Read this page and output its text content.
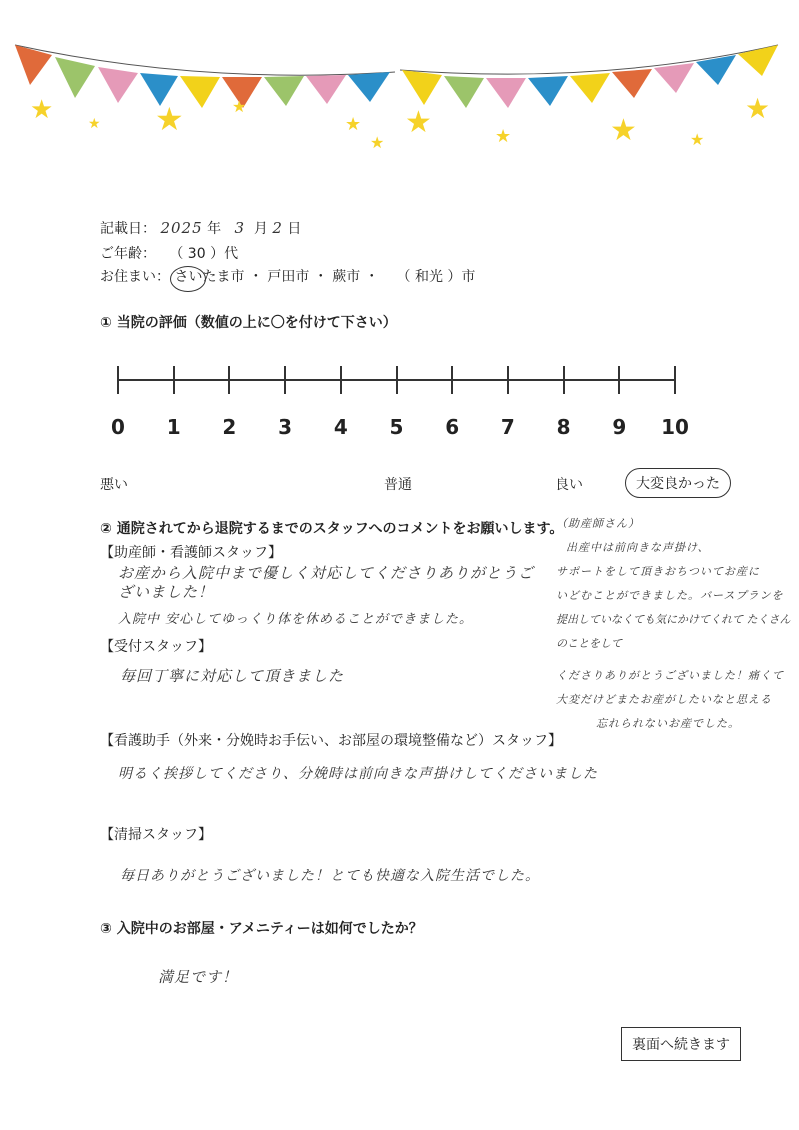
★ ★ ★	★
★
★
★	★	★
★
★
記載日： 2025 年 3 月 2 日
ご年齢： （ 30 ）代
お住まい： さいたま市 ・ 戸田市 ・ 蕨市 ・ （ 和光 ）市
① 当院の評価（数値の上に〇を付けて下さい）
0 1 2 3 4 5 6 7 8 9 10
悪い	普通	良い	大変良かった
② 通院されてから退院するまでのスタッフへのコメントをお願いします。
【助産師・看護師スタッフ】
お産から入院中まで優しく対応してくださりありがとうございました！
入院中 安心してゆっくり体を休めることができました。
【受付スタッフ】
毎回丁寧に対応して頂きました
【看護助手（外来・分娩時お手伝い、お部屋の環境整備など）スタッフ】
明るく挨拶してくださり、分娩時は前向きな声掛けしてくださいました
【清掃スタッフ】
毎日ありがとうございました！とても快適な入院生活でした。
（助産師さん）
出産中は前向きな声掛け、
サポートをして頂きおちついてお産に
いどむことができました。バースプランを
提出していなくても気にかけてくれて たくさんのことをして
くださりありがとうございました！痛くて
大変だけどまたお産がしたいなと思える
忘れられないお産でした。
③ 入院中のお部屋・アメニティーは如何でしたか？
満足です！
裏面へ続きます
